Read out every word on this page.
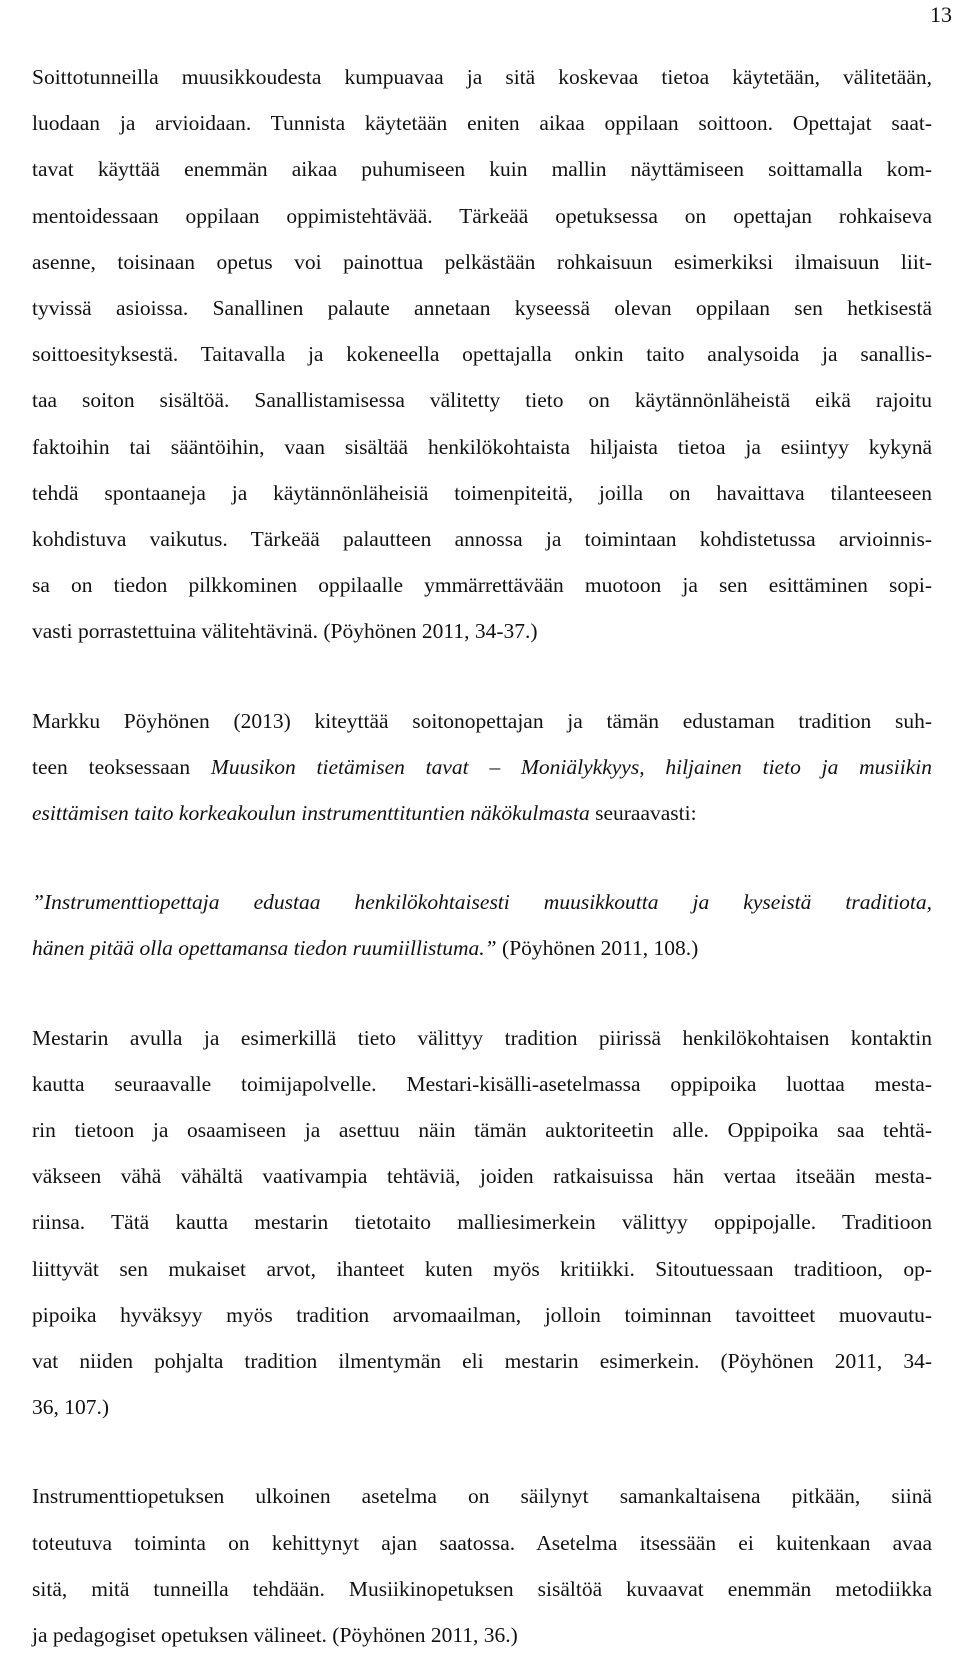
13

Soittotunneilla muusikkoudesta kumpuavaa ja sitä koskevaa tietoa käytetään, välitetään,
luodaan ja arvioidaan. Tunnista käytetään eniten aikaa oppilaan soittoon. Opettajat saat-
tavat käyttää enemmän aikaa puhumiseen kuin mallin näyttämiseen soittamalla kom-
mentoidessaan oppilaan oppimistehtävää. Tärkeää opetuksessa on opettajan rohkaiseva
asenne, toisinaan opetus voi painottua pelkästään rohkaisuun esimerkiksi ilmaisuun liit-
tyvissä asioissa. Sanallinen palaute annetaan kyseessä olevan oppilaan sen hetkisestä
soittoesityksestä. Taitavalla ja kokeneella opettajalla onkin taito analysoida ja sanallis-
taa soiton sisältöä. Sanallistamisessa välitetty tieto on käytännönläheistä eikä rajoitu
faktoihin tai sääntöihin, vaan sisältää henkilökohtaista hiljaista tietoa ja esiintyy kykynä
tehdä spontaaneja ja käytännönläheisiä toimenpiteitä, joilla on havaittava tilanteeseen
kohdistuva vaikutus. Tärkeää palautteen annossa ja toimintaan kohdistetussa arvioinnis-
sa on tiedon pilkkominen oppilaalle ymmärrettävään muotoon ja sen esittäminen sopi-
vasti porrastettuina välitehtävinä. (Pöyhönen 2011, 34-37.)

Markku Pöyhönen (2013) kiteyttää soitonopettajan ja tämän edustaman tradition suh-
teen teoksessaan Muusikon tietämisen tavat – Moniälykkyys, hiljainen tieto ja musiikin
esittämisen taito korkeakoulun instrumenttituntien näkökulmasta seuraavasti:

”Instrumenttiopettaja edustaa henkilökohtaisesti muusikkoutta ja kyseistä traditiota,
hänen pitää olla opettamansa tiedon ruumiillistuma.” (Pöyhönen 2011, 108.)

Mestarin avulla ja esimerkillä tieto välittyy tradition piirissä henkilökohtaisen kontaktin
kautta seuraavalle toimijapolvelle. Mestari-kisälli-asetelmassa oppipoika luottaa mesta-
rin tietoon ja osaamiseen ja asettuu näin tämän auktoriteetin alle. Oppipoika saa tehtä-
väkseen vähä vähältä vaativampia tehtäviä, joiden ratkaisuissa hän vertaa itseään mesta-
riinsa. Tätä kautta mestarin tietotaito malliesimerkein välittyy oppipojalle. Traditioon
liittyvät sen mukaiset arvot, ihanteet kuten myös kritiikki. Sitoutuessaan traditioon, op-
pipoika hyväksyy myös tradition arvomaailman, jolloin toiminnan tavoitteet muovautu-
vat niiden pohjalta tradition ilmentymän eli mestarin esimerkein. (Pöyhönen 2011, 34-
36, 107.)

Instrumenttiopetuksen ulkoinen asetelma on säilynyt samankaltaisena pitkään, siinä
toteutuva toiminta on kehittynyt ajan saatossa. Asetelma itsessään ei kuitenkaan avaa
sitä, mitä tunneilla tehdään. Musiikinopetuksen sisältöä kuvaavat enemmän metodiikka
ja pedagogiset opetuksen välineet. (Pöyhönen 2011, 36.)
